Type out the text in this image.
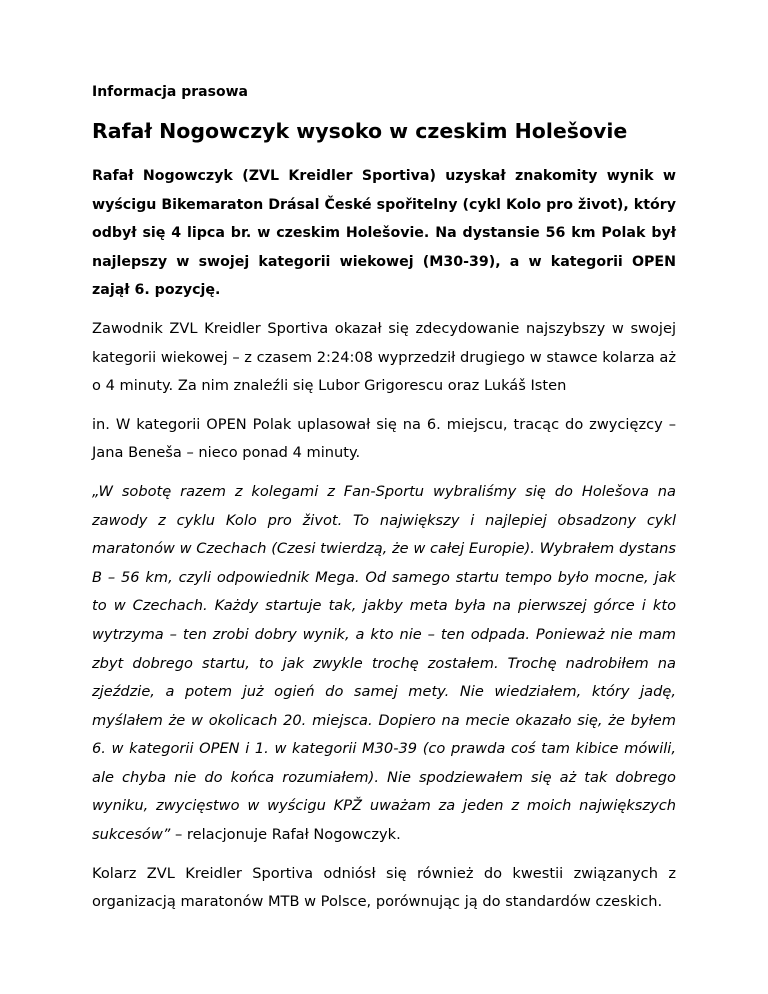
Informacja prasowa
Rafał Nogowczyk wysoko w czeskim Holešovie

Rafał Nogowczyk (ZVL Kreidler Sportiva) uzyskał znakomity wynik w wyścigu Bikemaraton Drásal České spořitelny (cykl Kolo pro život), który odbył się 4 lipca br. w czeskim Holešovie. Na dystansie 56 km Polak był najlepszy w swojej kategorii wiekowej (M30-39), a w kategorii OPEN zajął 6. pozycję.

Zawodnik ZVL Kreidler Sportiva okazał się zdecydowanie najszybszy w swojej kategorii wiekowej – z czasem 2:24:08 wyprzedził drugiego w stawce kolarza aż o 4 minuty. Za nim znaleźli się Lubor Grigorescu oraz Lukáš Isten

in. W kategorii OPEN Polak uplasował się na 6. miejscu, tracąc do zwycięzcy – Jana Beneša – nieco ponad 4 minuty.

„W sobotę razem z kolegami z Fan-Sportu wybraliśmy się do Holešova na zawody z cyklu Kolo pro život. To największy i najlepiej obsadzony cykl maratonów w Czechach (Czesi twierdzą, że w całej Europie). Wybrałem dystans B – 56 km, czyli odpowiednik Mega. Od samego startu tempo było mocne, jak to w Czechach. Każdy startuje tak, jakby meta była na pierwszej górce i kto wytrzyma – ten zrobi dobry wynik, a kto nie – ten odpada. Ponieważ nie mam zbyt dobrego startu, to jak zwykle trochę zostałem. Trochę nadrobiłem na zjeździe, a potem już ogień do samej mety. Nie wiedziałem, który jadę, myślałem że w okolicach 20. miejsca. Dopiero na mecie okazało się, że byłem 6. w kategorii OPEN i 1. w kategorii M30-39 (co prawda coś tam kibice mówili, ale chyba nie do końca rozumiałem). Nie spodziewałem się aż tak dobrego wyniku, zwycięstwo w wyścigu KPŽ uważam za jeden z moich największych sukcesów” – relacjonuje Rafał Nogowczyk.

Kolarz ZVL Kreidler Sportiva odniósł się również do kwestii związanych z organizacją maratonów MTB w Polsce, porównując ją do standardów czeskich.
